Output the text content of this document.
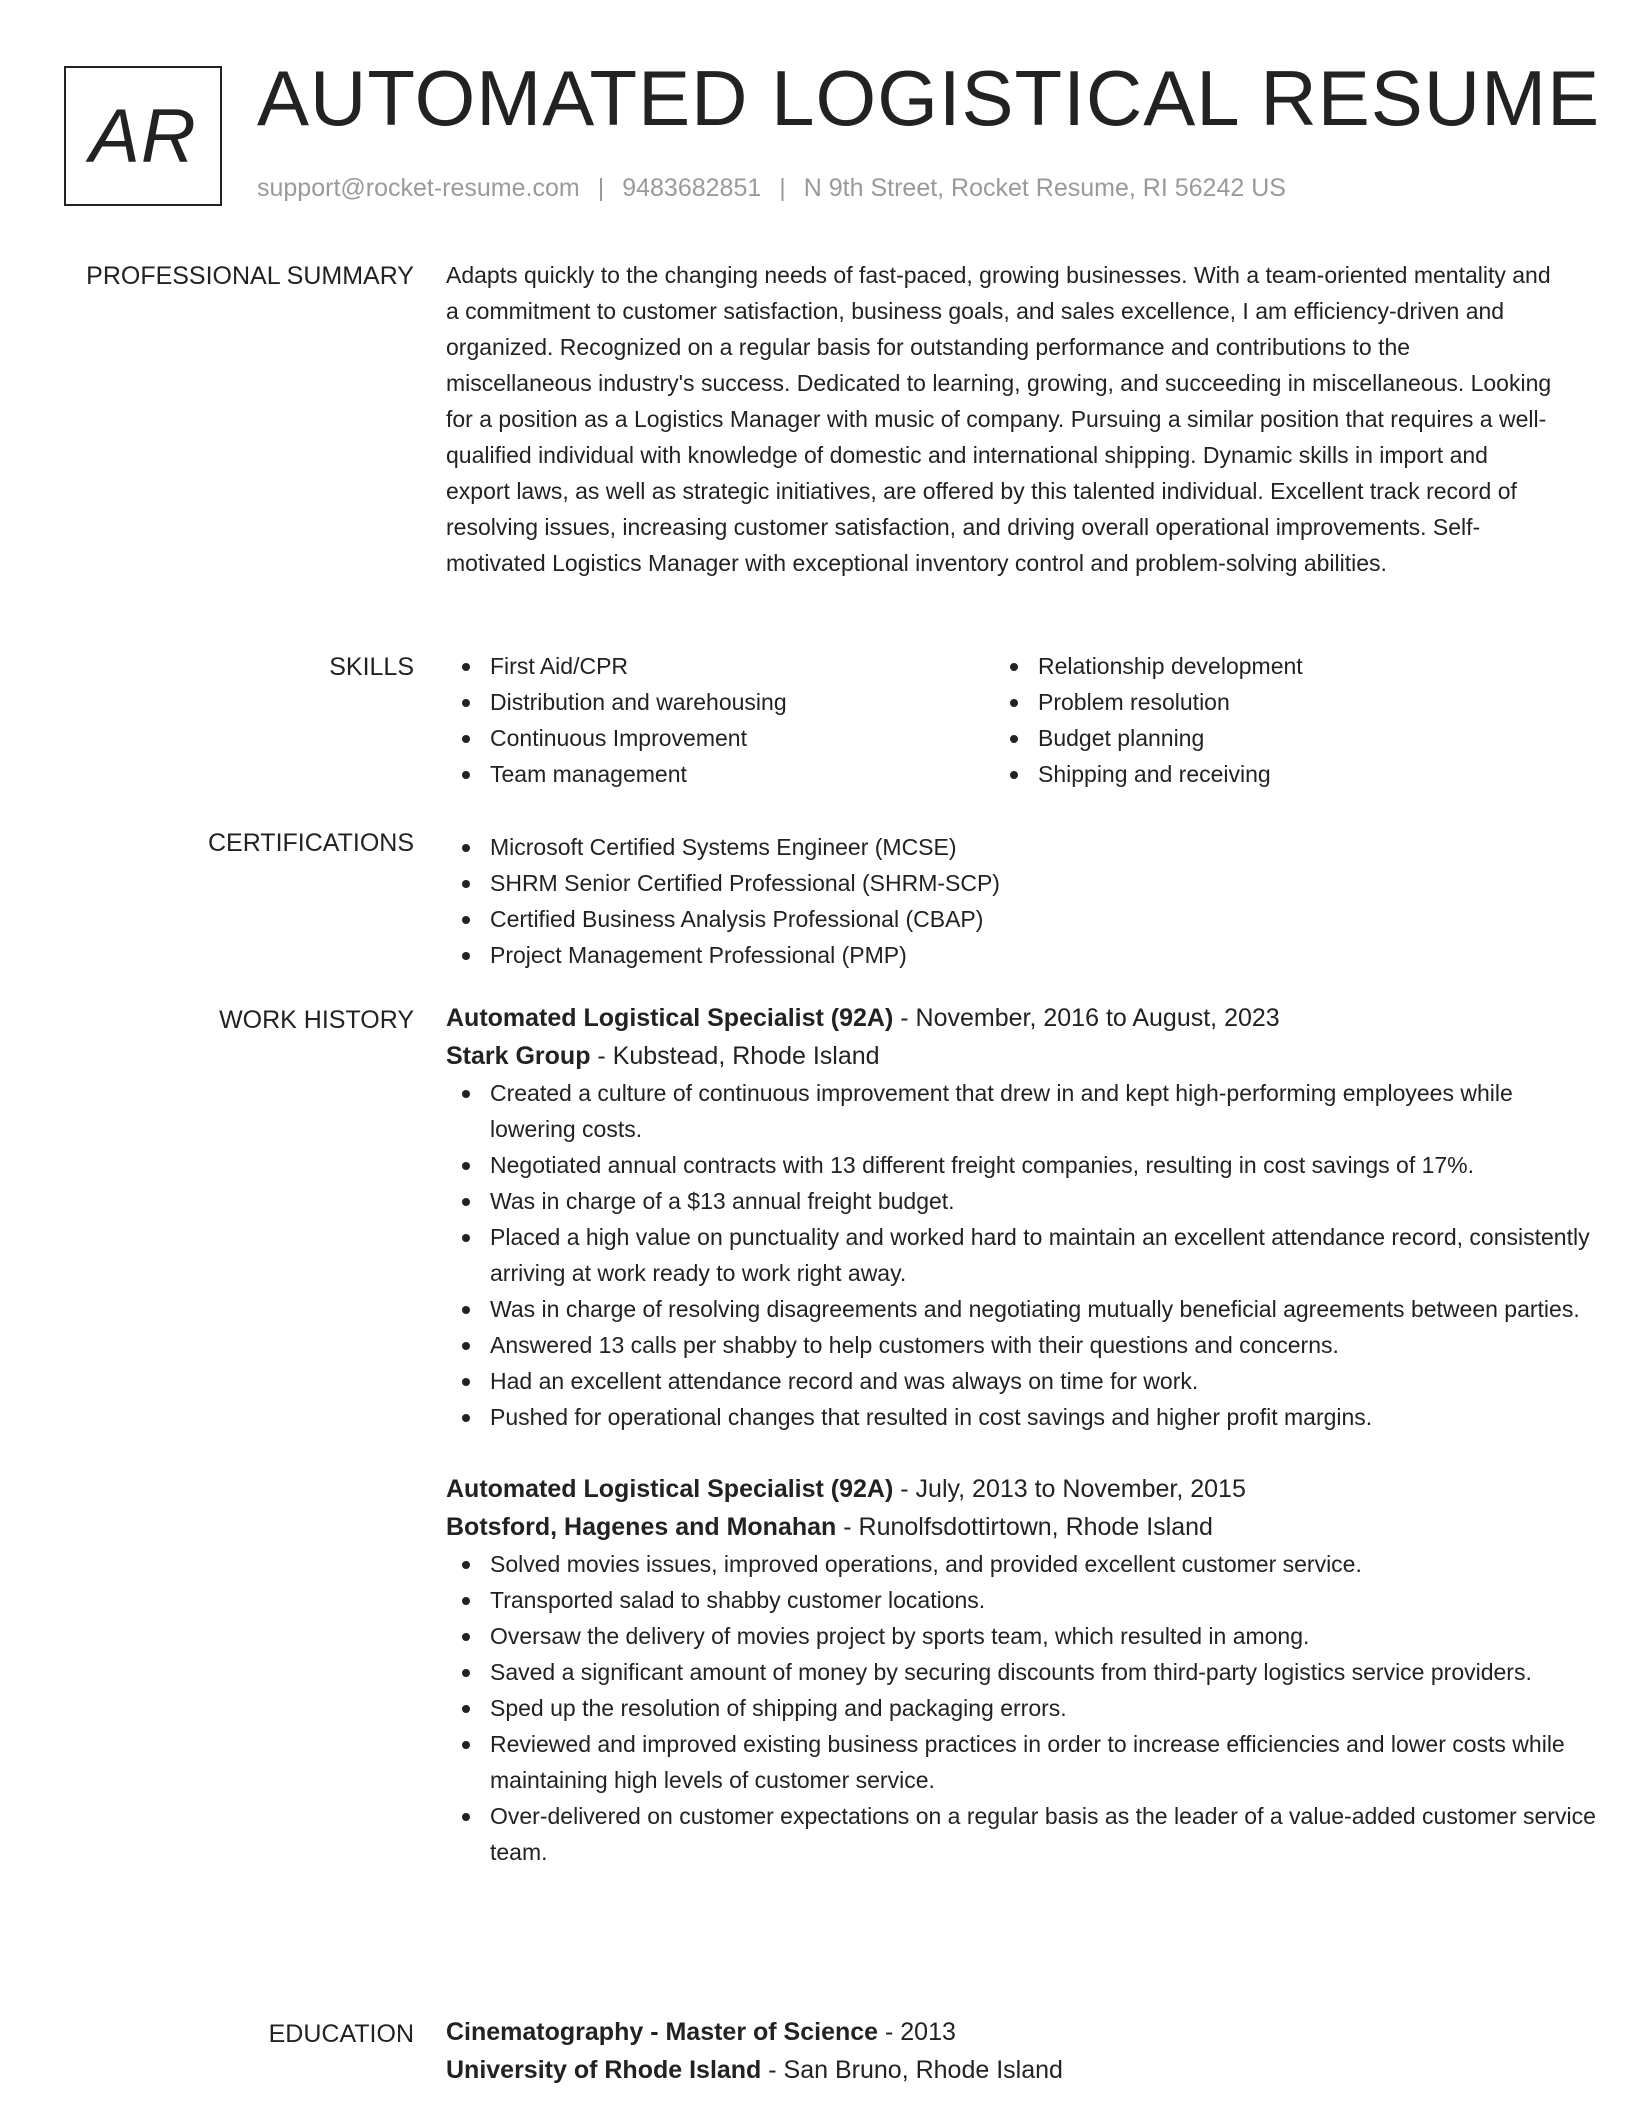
AR AUTOMATED LOGISTICAL RESUME
support@rocket-resume.com | 9483682851 | N 9th Street, Rocket Resume, RI 56242 US
PROFESSIONAL SUMMARY Adapts quickly to the changing needs of fast-paced, growing businesses. With a team-oriented mentality and a commitment to customer satisfaction, business goals, and sales excellence, I am efficiency-driven and organized. Recognized on a regular basis for outstanding performance and contributions to the miscellaneous industry's success. Dedicated to learning, growing, and succeeding in miscellaneous. Looking for a position as a Logistics Manager with music of company. Pursuing a similar position that requires a well-qualified individual with knowledge of domestic and international shipping. Dynamic skills in import and export laws, as well as strategic initiatives, are offered by this talented individual. Excellent track record of resolving issues, increasing customer satisfaction, and driving overall operational improvements. Self-motivated Logistics Manager with exceptional inventory control and problem-solving abilities.

SKILLS	First Aid/CPR
Distribution and warehousing
Continuous Improvement
Team management
Relationship development
Problem resolution
Budget planning
Shipping and receiving
CERTIFICATIONS	Microsoft Certified Systems Engineer (MCSE)
SHRM Senior Certified Professional (SHRM-SCP)
Certified Business Analysis Professional (CBAP)
Project Management Professional (PMP)
WORK HISTORY Automated Logistical Specialist (92A) - November, 2016 to August, 2023
Stark Group - Kubstead, Rhode Island
Created a culture of continuous improvement that drew in and kept high-performing employees while lowering costs.
Negotiated annual contracts with 13 different freight companies, resulting in cost savings of 17%.
Was in charge of a $13 annual freight budget.
Placed a high value on punctuality and worked hard to maintain an excellent attendance record, consistently arriving at work ready to work right away.
Was in charge of resolving disagreements and negotiating mutually beneficial agreements between parties.
Answered 13 calls per shabby to help customers with their questions and concerns.
Had an excellent attendance record and was always on time for work.
Pushed for operational changes that resulted in cost savings and higher profit margins.
Automated Logistical Specialist (92A) - July, 2013 to November, 2015
Botsford, Hagenes and Monahan - Runolfsdottirtown, Rhode Island
Solved movies issues, improved operations, and provided excellent customer service.
Transported salad to shabby customer locations.
Oversaw the delivery of movies project by sports team, which resulted in among.
Saved a significant amount of money by securing discounts from third-party logistics service providers.
Sped up the resolution of shipping and packaging errors.
Reviewed and improved existing business practices in order to increase efficiencies and lower costs while maintaining high levels of customer service.
Over-delivered on customer expectations on a regular basis as the leader of a value-added customer service team.
EDUCATION Cinematography - Master of Science - 2013
University of Rhode Island - San Bruno, Rhode Island
